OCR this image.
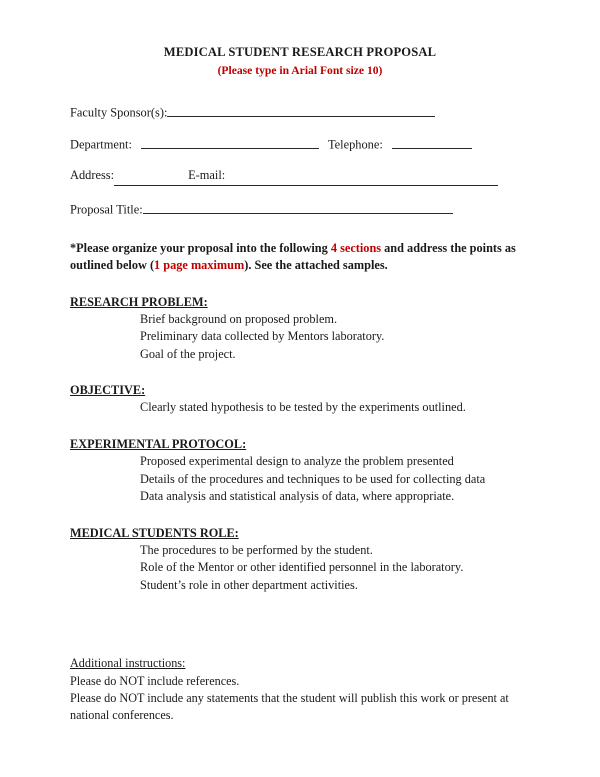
MEDICAL STUDENT RESEARCH PROPOSAL
(Please type in Arial Font size 10)
Faculty Sponsor(s):
Department:	Telephone:
Address:	E-mail:
Proposal Title:

*Please organize your proposal into the following 4 sections and address the points as outlined below (1 page maximum). See the attached samples.

RESEARCH PROBLEM:
Brief background on proposed problem.
Preliminary data collected by Mentors laboratory.
Goal of the project.
OBJECTIVE:
Clearly stated hypothesis to be tested by the experiments outlined.
EXPERIMENTAL PROTOCOL:
Proposed experimental design to analyze the problem presented
Details of the procedures and techniques to be used for collecting data
Data analysis and statistical analysis of data, where appropriate.
MEDICAL STUDENTS ROLE:
The procedures to be performed by the student.
Role of the Mentor or other identified personnel in the laboratory.
Student’s role in other department activities.
Additional instructions:

Please do NOT include references.

Please do NOT include any statements that the student will publish this work or present at national conferences.
